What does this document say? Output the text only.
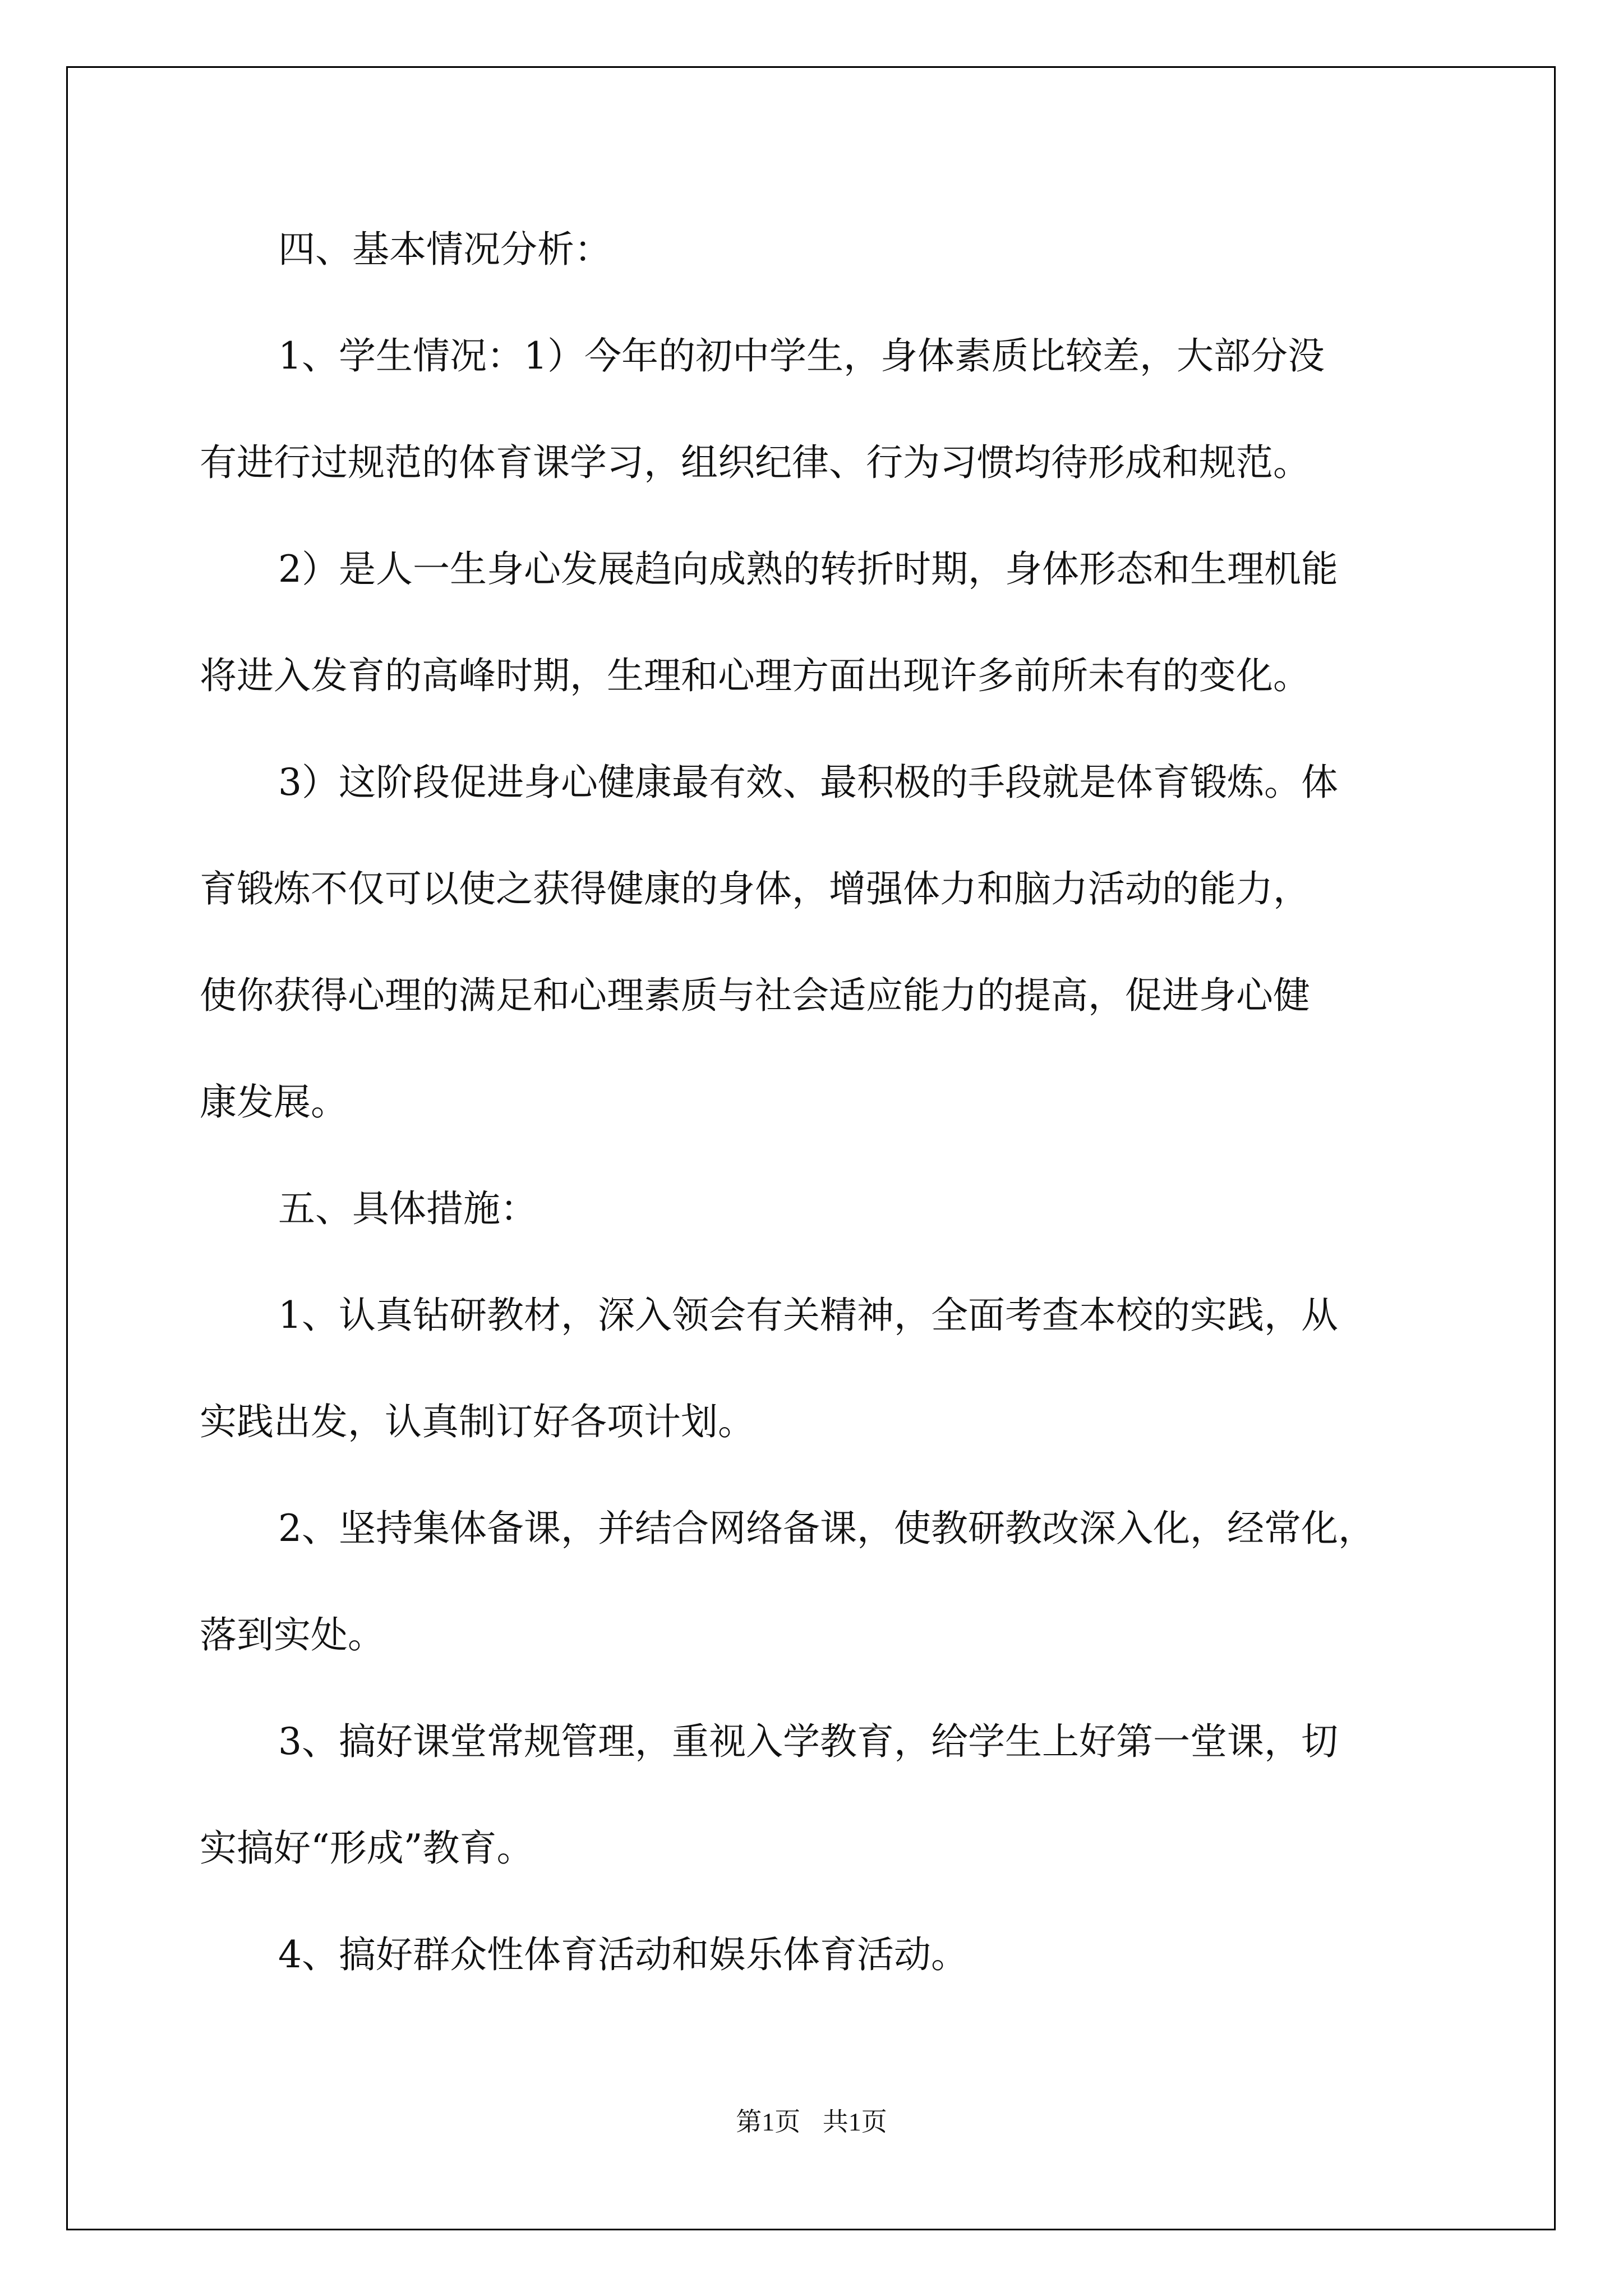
四、基本情况分析：
1、学生情况：1）今年的初中学生，身体素质比较差，大部分没
有进行过规范的体育课学习，组织纪律、行为习惯均待形成和规范。
2）是人一生身心发展趋向成熟的转折时期，身体形态和生理机能
将进入发育的高峰时期，生理和心理方面出现许多前所未有的变化。
3）这阶段促进身心健康最有效、最积极的手段就是体育锻炼。体
育锻炼不仅可以使之获得健康的身体，增强体力和脑力活动的能力，
使你获得心理的满足和心理素质与社会适应能力的提高，促进身心健
康发展。
五、具体措施：
1、认真钻研教材，深入领会有关精神，全面考查本校的实践，从
实践出发，认真制订好各项计划。
2、坚持集体备课，并结合网络备课，使教研教改深入化，经常化，
落到实处。
3、搞好课堂常规管理，重视入学教育，给学生上好第一堂课，切
实搞好“形成”教育。
4、搞好群众性体育活动和娱乐体育活动。
第1页 共1页
